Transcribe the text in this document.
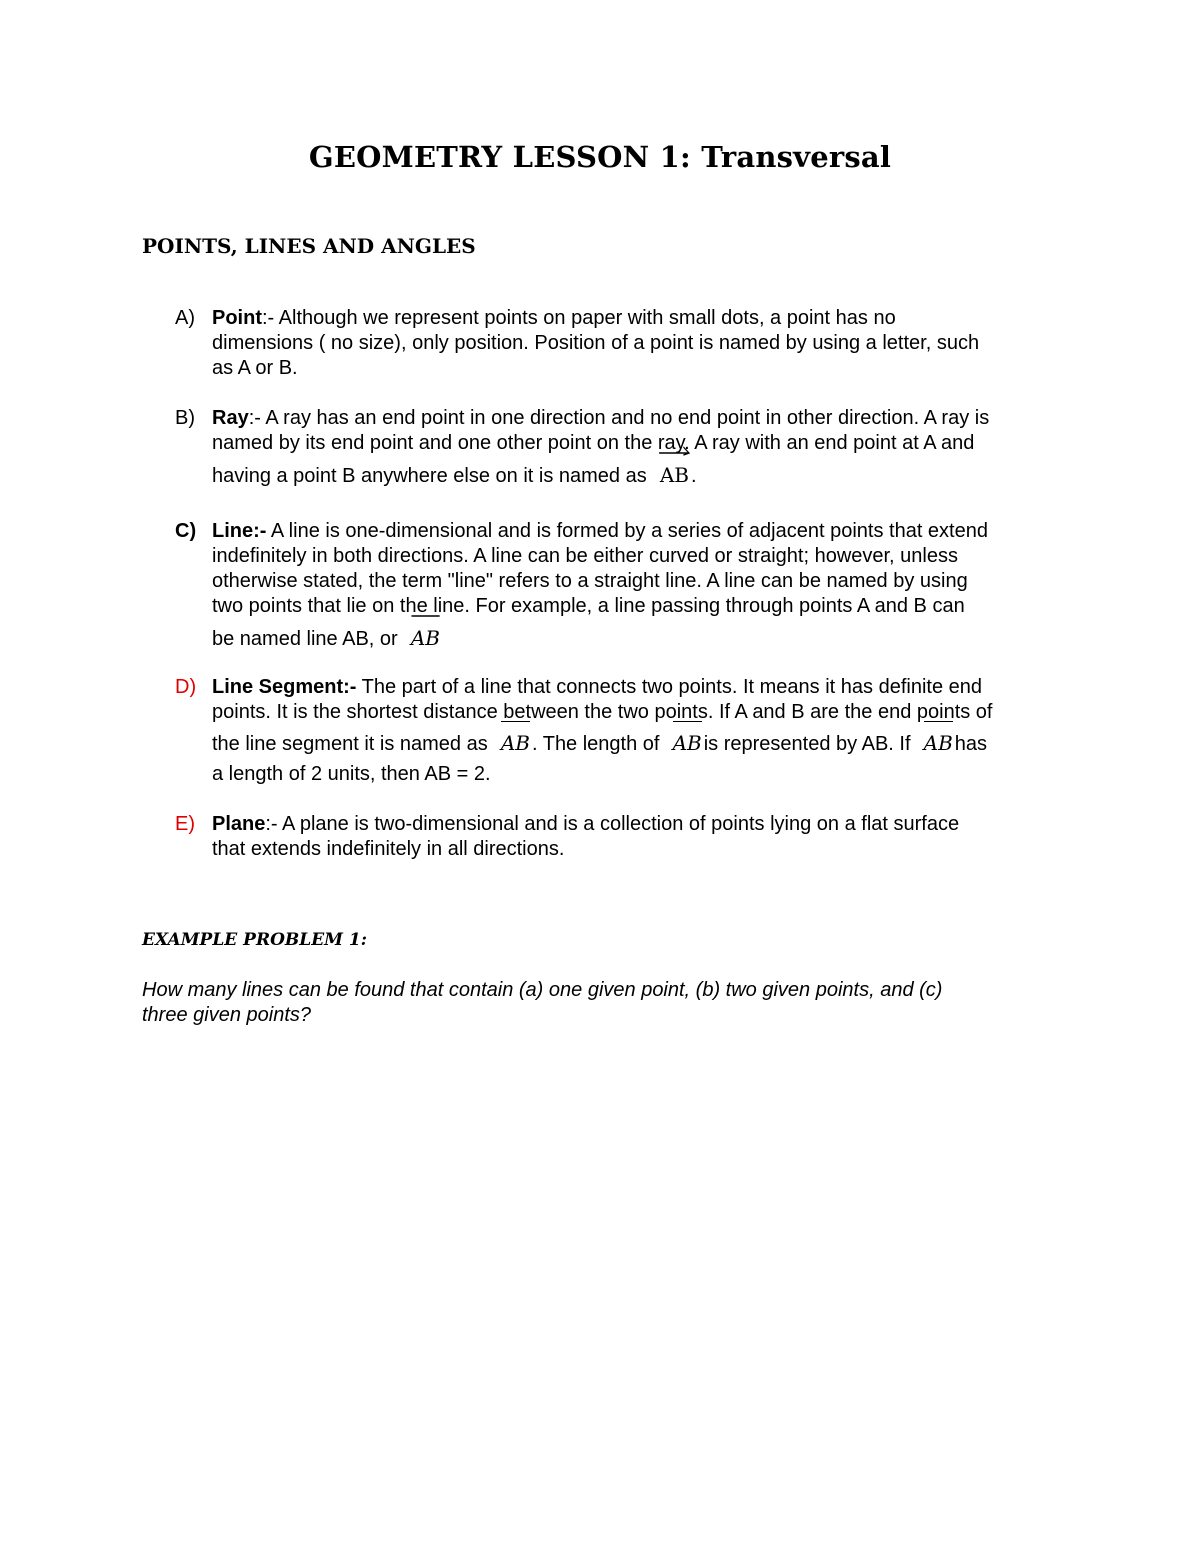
GEOMETRY LESSON 1: Transversal
POINTS, LINES AND ANGLES
A) Point:- Although we represent points on paper with small dots, a point has no
dimensions ( no size), only position. Position of a point is named by using a letter, such
as A or B.
B) Ray:- A ray has an end point in one direction and no end point in other direction. A ray is
named by its end point and one other point on the ray. A ray with an end point at A and
having a point B anywhere else on it is named as AB .
C) Line:- A line is one-dimensional and is formed by a series of adjacent points that extend
indefinitely in both directions. A line can be either curved or straight; however, unless
otherwise stated, the term "line" refers to a straight line. A line can be named by using
two points that lie on the line. For example, a line passing through points A and B can
be named line AB, or AB
D) Line Segment:- The part of a line that connects two points. It means it has definite end
points. It is the shortest distance between the two points. If A and B are the end points of
the line segment it is named as AB . The length of AB is represented by AB. If AB has
a length of 2 units, then AB = 2.
E) Plane:- A plane is two-dimensional and is a collection of points lying on a flat surface
that extends indefinitely in all directions.
EXAMPLE PROBLEM 1:
How many lines can be found that contain (a) one given point, (b) two given points, and (c)
three given points?
